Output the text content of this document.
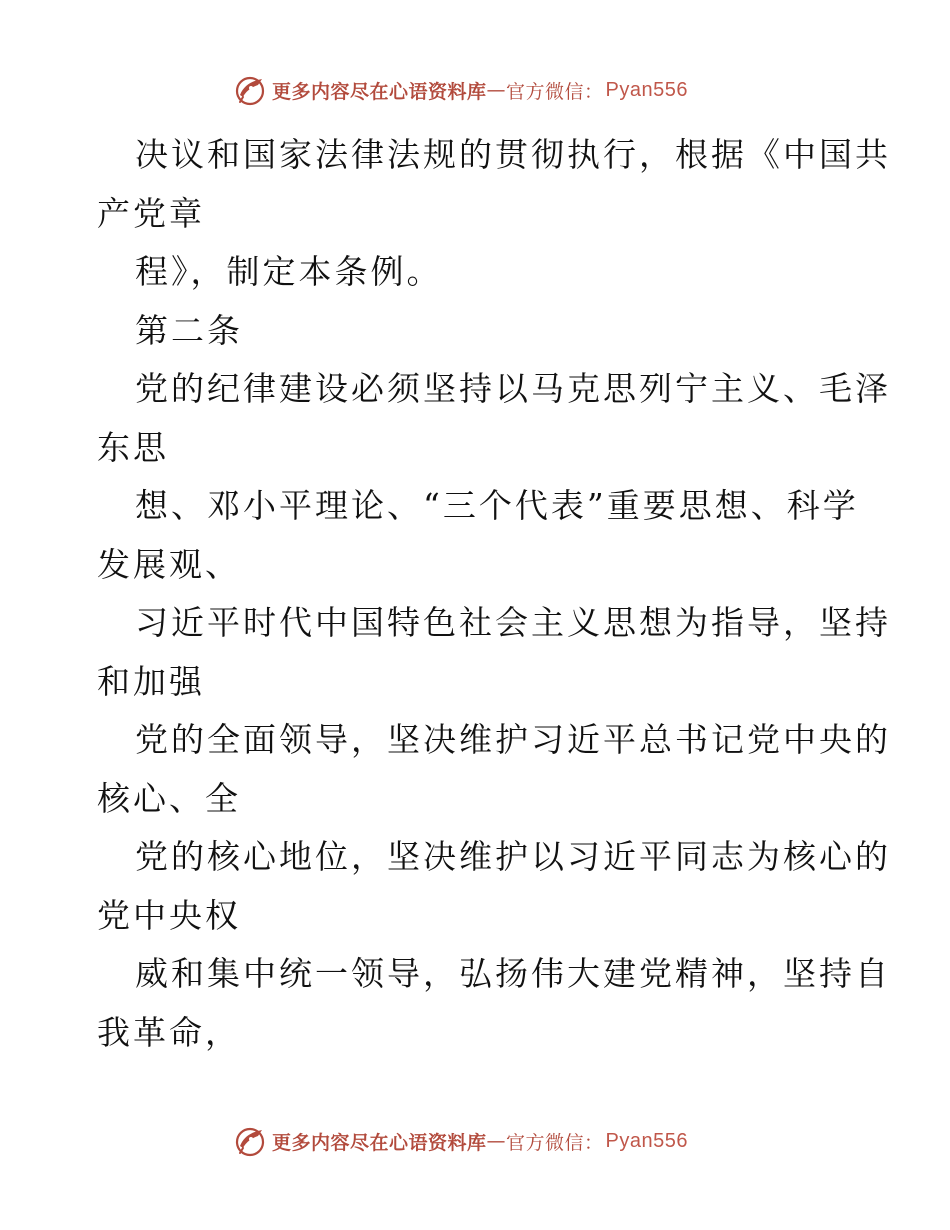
更多内容尽在心语资料库 — 官方微信： Pyan556
决议和国家法律法规的贯彻执行，根据《中国共
产党章
程》，制定本条例。
第二条
党的纪律建设必须坚持以马克思列宁主义、毛泽
东思
想、邓小平理论、“三个代表”重要思想、科学
发展观、
习近平时代中国特色社会主义思想为指导，坚持
和加强
党的全面领导，坚决维护习近平总书记党中央的
核心、全
党的核心地位，坚决维护以习近平同志为核心的
党中央权
威和集中统一领导，弘扬伟大建党精神，坚持自
我革命，
更多内容尽在心语资料库 — 官方微信： Pyan556
